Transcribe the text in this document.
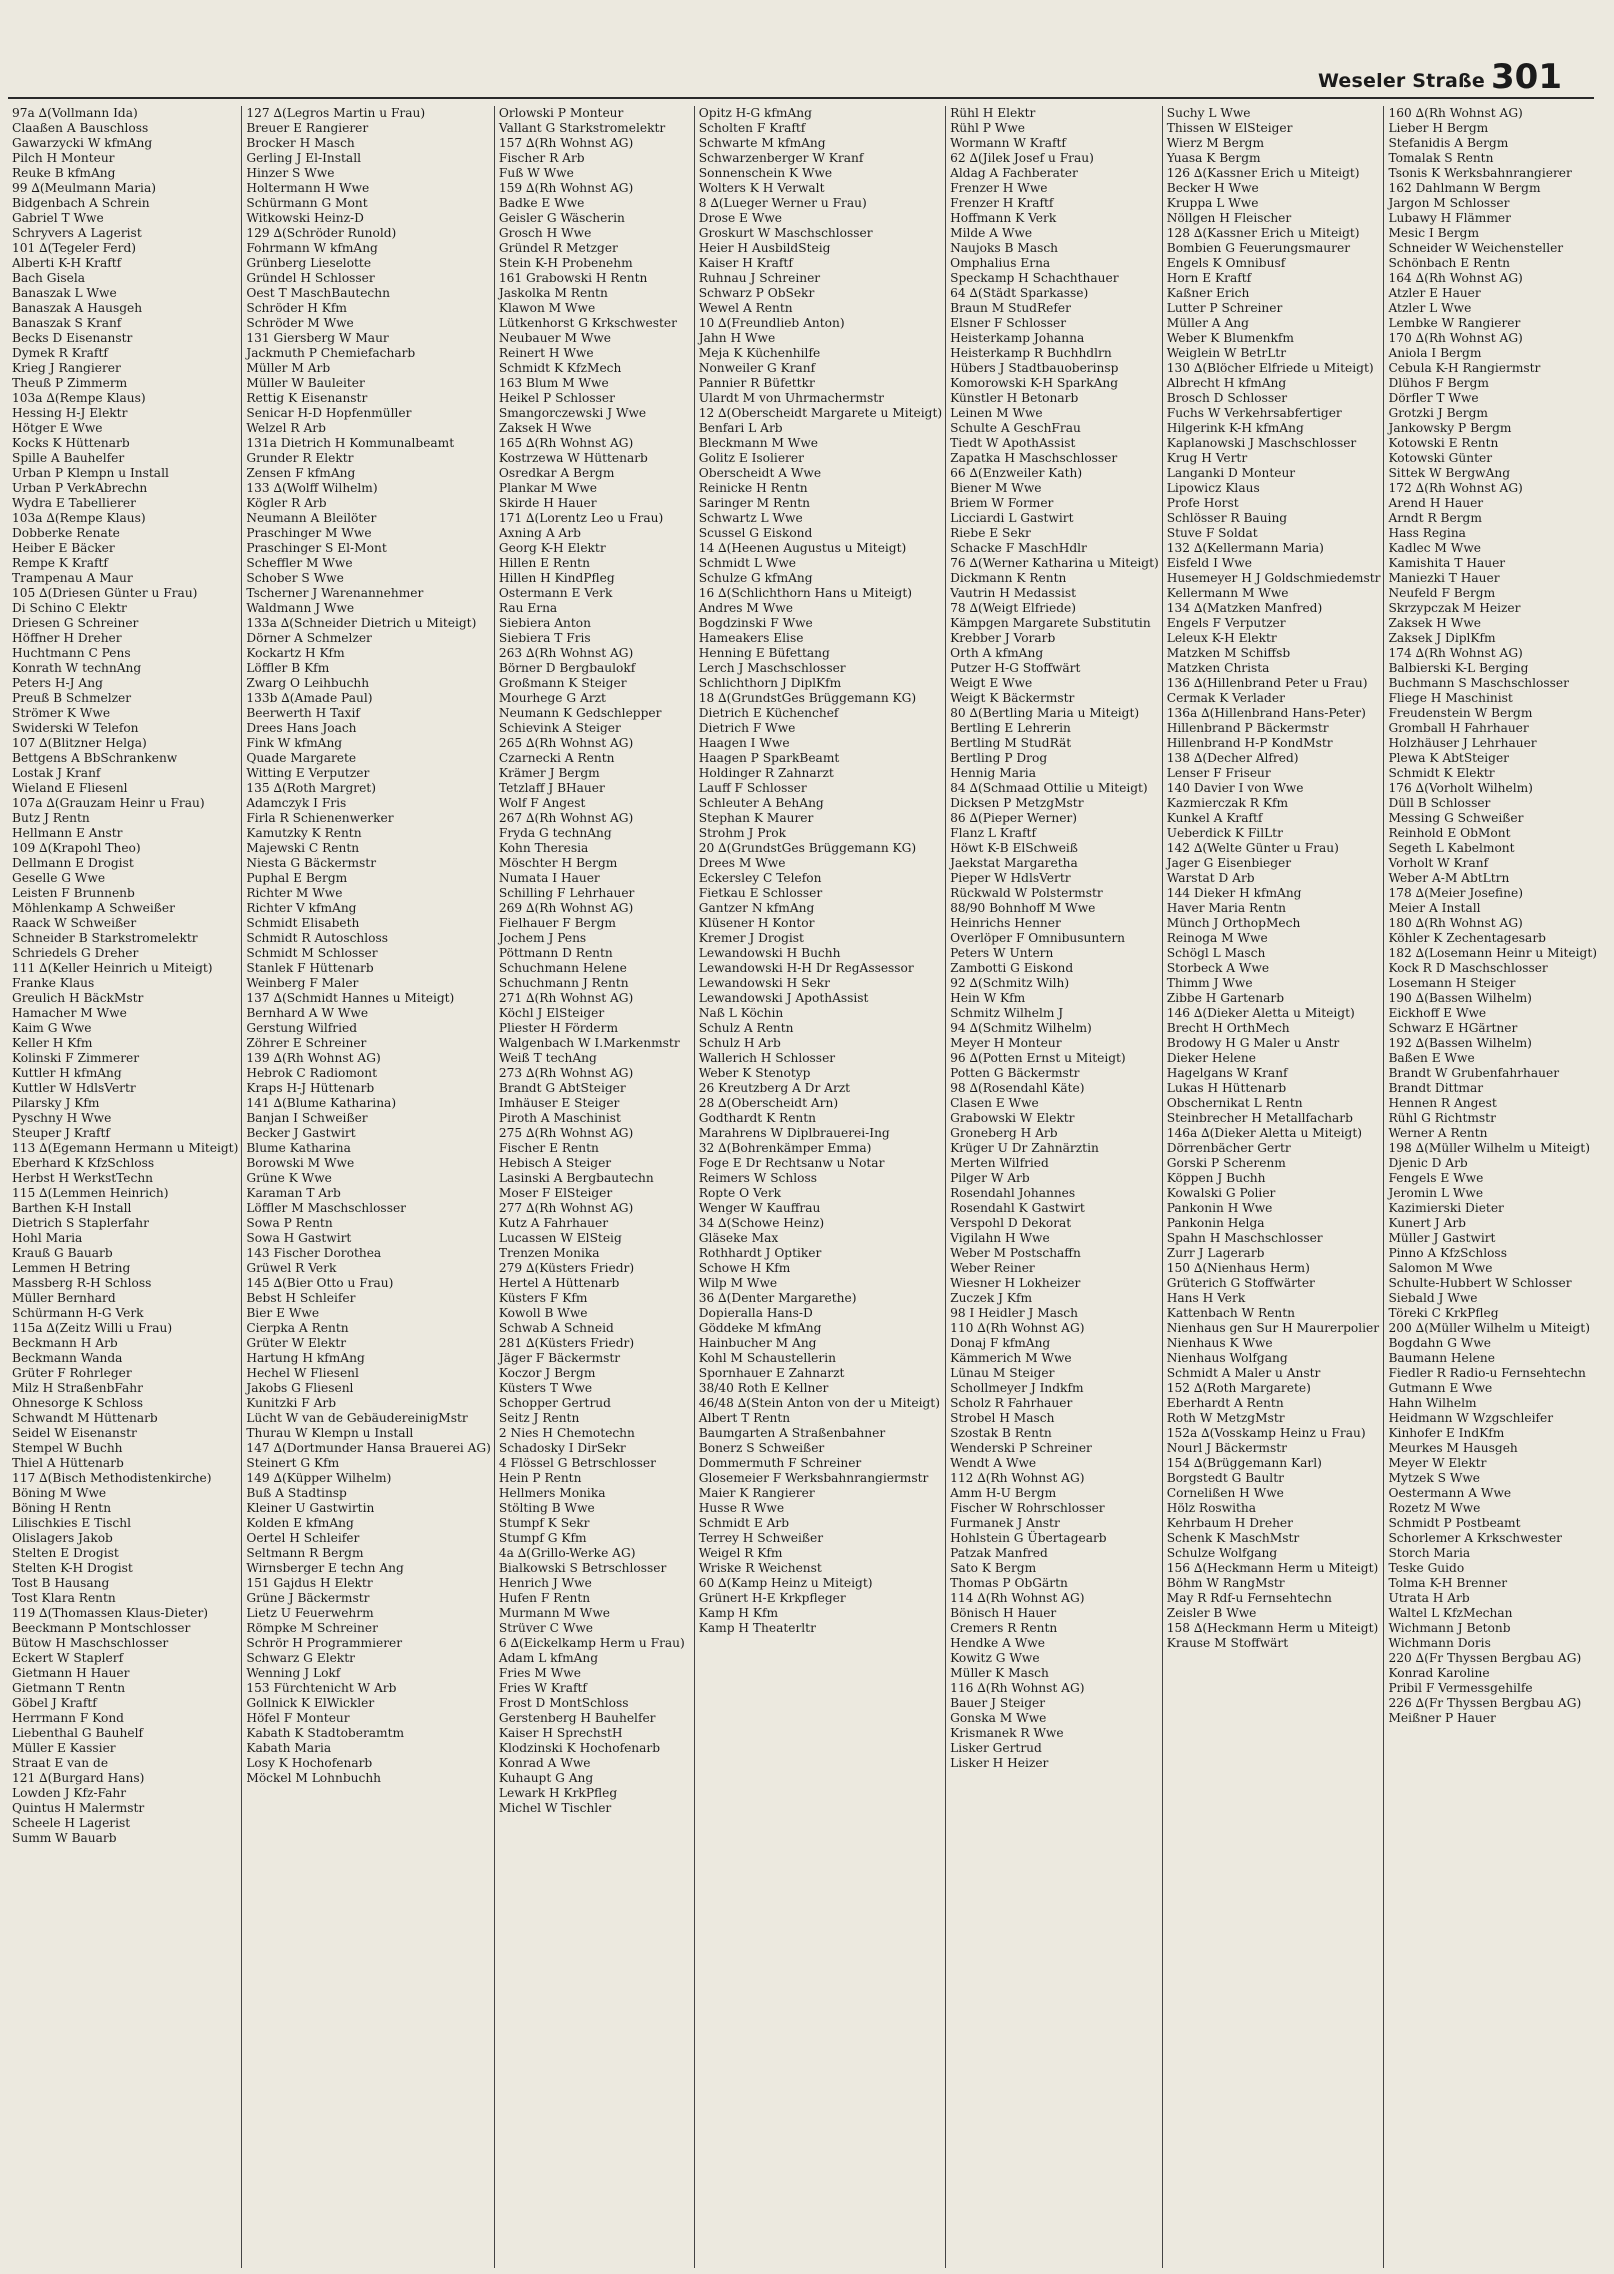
Weseler Straße 301
97a ∆(Vollmann Ida)
Claaßen A Bauschloss
Gawarzycki W kfmAng
Pilch H Monteur
Reuke B kfmAng
99 ∆(Meulmann Maria)
Bidgenbach A Schrein
Gabriel T Wwe
Schryvers A Lagerist
101 ∆(Tegeler Ferd)
Alberti K-H Kraftf
Bach Gisela
Banaszak L Wwe
Banaszak A Hausgeh
Banaszak S Kranf
Becks D Eisenanstr
Dymek R Kraftf
Krieg J Rangierer
Theuß P Zimmerm
103a ∆(Rempe Klaus)
Hessing H-J Elektr
Hötger E Wwe
Kocks K Hüttenarb
Spille A Bauhelfer
Urban P Klempn u Install
Urban P VerkAbrechn
Wydra E Tabellierer
103a ∆(Rempe Klaus)
Dobberke Renate
Heiber E Bäcker
Rempe K Kraftf
Trampenau A Maur
105 ∆(Driesen Günter u Frau)
Di Schino C Elektr
Driesen G Schreiner
Höffner H Dreher
Huchtmann C Pens
Konrath W technAng
Peters H-J Ang
Preuß B Schmelzer
Strömer K Wwe
Swiderski W Telefon
107 ∆(Blitzner Helga)
Bettgens A BbSchrankenw
Lostak J Kranf
Wieland E Fliesenl
107a ∆(Grauzam Heinr u Frau)
Butz J Rentn
Hellmann E Anstr
109 ∆(Krapohl Theo)
Dellmann E Drogist
Geselle G Wwe
Leisten F Brunnenb
Möhlenkamp A Schweißer
Raack W Schweißer
Schneider B Starkstromelektr
Schriedels G Dreher
111 ∆(Keller Heinrich u Miteigt)
Franke Klaus
Greulich H BäckMstr
Hamacher M Wwe
Kaim G Wwe
Keller H Kfm
Kolinski F Zimmerer
Kuttler H kfmAng
Kuttler W HdlsVertr
Pilarsky J Kfm
Pyschny H Wwe
Steuper J Kraftf
113 ∆(Egemann Hermann u Miteigt)
Eberhard K KfzSchloss
Herbst H WerkstTechn
115 ∆(Lemmen Heinrich)
Barthen K-H Install
Dietrich S Staplerfahr
Hohl Maria
Krauß G Bauarb
Lemmen H Betring
Massberg R-H Schloss
Müller Bernhard
Schürmann H-G Verk
115a ∆(Zeitz Willi u Frau)
Beckmann H Arb
Beckmann Wanda
Grüter F Rohrleger
Milz H StraßenbFahr
Ohnesorge K Schloss
Schwandt M Hüttenarb
Seidel W Eisenanstr
Stempel W Buchh
Thiel A Hüttenarb
117 ∆(Bisch Methodistenkirche)
Böning M Wwe
Böning H Rentn
Lilischkies E Tischl
Olislagers Jakob
Stelten E Drogist
Stelten K-H Drogist
Tost B Hausang
Tost Klara Rentn
119 ∆(Thomassen Klaus-Dieter)
Beeckmann P Montschlosser
Bütow H Maschschlosser
Eckert W Staplerf
Gietmann H Hauer
Gietmann T Rentn
Göbel J Kraftf
Herrmann F Kond
Liebenthal G Bauhelf
Müller E Kassier
Straat E van de
121 ∆(Burgard Hans)
Lowden J Kfz-Fahr
Quintus H Malermstr
Scheele H Lagerist
Summ W Bauarb
127 ∆(Legros Martin u Frau)
Breuer E Rangierer
Brocker H Masch
Gerling J El-Install
Hinzer S Wwe
Holtermann H Wwe
Schürmann G Mont
Witkowski Heinz-D
129 ∆(Schröder Runold)
Fohrmann W kfmAng
Grünberg Lieselotte
Gründel H Schlosser
Oest T MaschBautechn
Schröder H Kfm
Schröder M Wwe
131 Giersberg W Maur
Jackmuth P Chemiefacharb
Müller M Arb
Müller W Bauleiter
Rettig K Eisenanstr
Senicar H-D Hopfenmüller
Welzel R Arb
131a Dietrich H Kommunalbeamt
Grunder R Elektr
Zensen F kfmAng
133 ∆(Wolff Wilhelm)
Kögler R Arb
Neumann A Bleilöter
Praschinger M Wwe
Praschinger S El-Mont
Scheffler M Wwe
Schober S Wwe
Tscherner J Warenannehmer
Waldmann J Wwe
133a ∆(Schneider Dietrich u Miteigt)
Dörner A Schmelzer
Kockartz H Kfm
Löffler B Kfm
Zwarg O Leihbuchh
133b ∆(Amade Paul)
Beerwerth H Taxif
Drees Hans Joach
Fink W kfmAng
Quade Margarete
Witting E Verputzer
135 ∆(Roth Margret)
Adamczyk I Fris
Firla R Schienenwerker
Kamutzky K Rentn
Majewski C Rentn
Niesta G Bäckermstr
Puphal E Bergm
Richter M Wwe
Richter V kfmAng
Schmidt Elisabeth
Schmidt R Autoschloss
Schmidt M Schlosser
Stanlek F Hüttenarb
Weinberg F Maler
137 ∆(Schmidt Hannes u Miteigt)
Bernhard A W Wwe
Gerstung Wilfried
Zöhrer E Schreiner
139 ∆(Rh Wohnst AG)
Hebrok C Radiomont
Kraps H-J Hüttenarb
141 ∆(Blume Katharina)
Banjan I Schweißer
Becker J Gastwirt
Blume Katharina
Borowski M Wwe
Grüne K Wwe
Karaman T Arb
Löffler M Maschschlosser
Sowa P Rentn
Sowa H Gastwirt
143 Fischer Dorothea
Grüwel R Verk
145 ∆(Bier Otto u Frau)
Bebst H Schleifer
Bier E Wwe
Cierpka A Rentn
Grüter W Elektr
Hartung H kfmAng
Hechel W Fliesenl
Jakobs G Fliesenl
Kunitzki F Arb
Lücht W van de GebäudereinigMstr
Thurau W Klempn u Install
147 ∆(Dortmunder Hansa Brauerei AG)
Steinert G Kfm
149 ∆(Küpper Wilhelm)
Buß A Stadtinsp
Kleiner U Gastwirtin
Kolden E kfmAng
Oertel H Schleifer
Seltmann R Bergm
Wirnsberger E techn Ang
151 Gajdus H Elektr
Grüne J Bäckermstr
Lietz U Feuerwehrm
Römpke M Schreiner
Schrör H Programmierer
Schwarz G Elektr
Wenning J Lokf
153 Fürchtenicht W Arb
Gollnick K ElWickler
Höfel F Monteur
Kabath K Stadtoberamtm
Kabath Maria
Losy K Hochofenarb
Möckel M Lohnbuchh
Orlowski P Monteur
Vallant G Starkstromelektr
157 ∆(Rh Wohnst AG)
Fischer R Arb
Fuß W Wwe
159 ∆(Rh Wohnst AG)
Badke E Wwe
Geisler G Wäscherin
Grosch H Wwe
Gründel R Metzger
Stein K-H Probenehm
161 Grabowski H Rentn
Jaskolka M Rentn
Klawon M Wwe
Lütkenhorst G Krkschwester
Neubauer M Wwe
Reinert H Wwe
Schmidt K KfzMech
163 Blum M Wwe
Heikel P Schlosser
Smangorczewski J Wwe
Zaksek H Wwe
165 ∆(Rh Wohnst AG)
Kostrzewa W Hüttenarb
Osredkar A Bergm
Plankar M Wwe
Skirde H Hauer
171 ∆(Lorentz Leo u Frau)
Axning A Arb
Georg K-H Elektr
Hillen E Rentn
Hillen H KindPfleg
Ostermann E Verk
Rau Erna
Siebiera Anton
Siebiera T Fris
263 ∆(Rh Wohnst AG)
Börner D Bergbaulokf
Großmann K Steiger
Mourhege G Arzt
Neumann K Gedschlepper
Schievink A Steiger
265 ∆(Rh Wohnst AG)
Czarnecki A Rentn
Krämer J Bergm
Tetzlaff J BHauer
Wolf F Angest
267 ∆(Rh Wohnst AG)
Fryda G technAng
Kohn Theresia
Möschter H Bergm
Numata I Hauer
Schilling F Lehrhauer
269 ∆(Rh Wohnst AG)
Fielhauer F Bergm
Jochem J Pens
Pöttmann D Rentn
Schuchmann Helene
Schuchmann J Rentn
271 ∆(Rh Wohnst AG)
Köchl J ElSteiger
Pliester H Förderm
Walgenbach W I.Markenmstr
Weiß T techAng
273 ∆(Rh Wohnst AG)
Brandt G AbtSteiger
Imhäuser E Steiger
Piroth A Maschinist
275 ∆(Rh Wohnst AG)
Fischer E Rentn
Hebisch A Steiger
Lasinski A Bergbautechn
Moser F ElSteiger
277 ∆(Rh Wohnst AG)
Kutz A Fahrhauer
Lucassen W ElSteig
Trenzen Monika
279 ∆(Küsters Friedr)
Hertel A Hüttenarb
Küsters F Kfm
Kowoll B Wwe
Schwab A Schneid
281 ∆(Küsters Friedr)
Jäger F Bäckermstr
Koczor J Bergm
Küsters T Wwe
Schopper Gertrud
Seitz J Rentn
2 Nies H Chemotechn
Schadosky I DirSekr
4 Flössel G Betrschlosser
Hein P Rentn
Hellmers Monika
Stölting B Wwe
Stumpf K Sekr
Stumpf G Kfm
4a ∆(Grillo-Werke AG)
Bialkowski S Betrschlosser
Henrich J Wwe
Hufen F Rentn
Murmann M Wwe
Strüver C Wwe
6 ∆(Eickelkamp Herm u Frau)
Adam L kfmAng
Fries M Wwe
Fries W Kraftf
Frost D MontSchloss
Gerstenberg H Bauhelfer
Kaiser H SprechstH
Klodzinski K Hochofenarb
Konrad A Wwe
Kuhaupt G Ang
Lewark H KrkPfleg
Michel W Tischler
Opitz H-G kfmAng
Scholten F Kraftf
Schwarte M kfmAng
Schwarzenberger W Kranf
Sonnenschein K Wwe
Wolters K H Verwalt
8 ∆(Lueger Werner u Frau)
Drose E Wwe
Groskurt W Maschschlosser
Heier H AusbildSteig
Kaiser H Kraftf
Ruhnau J Schreiner
Schwarz P ObSekr
Wewel A Rentn
10 ∆(Freundlieb Anton)
Jahn H Wwe
Meja K Küchenhilfe
Nonweiler G Kranf
Pannier R Büfettkr
Ulardt M von Uhrmachermstr
12 ∆(Oberscheidt Margarete u Miteigt)
Benfari L Arb
Bleckmann M Wwe
Golitz E Isolierer
Oberscheidt A Wwe
Reinicke H Rentn
Saringer M Rentn
Schwartz L Wwe
Scussel G Eiskond
14 ∆(Heenen Augustus u Miteigt)
Schmidt L Wwe
Schulze G kfmAng
16 ∆(Schlichthorn Hans u Miteigt)
Andres M Wwe
Bogdzinski F Wwe
Hameakers Elise
Henning E Büfettang
Lerch J Maschschlosser
Schlichthorn J DiplKfm
18 ∆(GrundstGes Brüggemann KG)
Dietrich E Küchenchef
Dietrich F Wwe
Haagen I Wwe
Haagen P SparkBeamt
Holdinger R Zahnarzt
Lauff F Schlosser
Schleuter A BehAng
Stephan K Maurer
Strohm J Prok
20 ∆(GrundstGes Brüggemann KG)
Drees M Wwe
Eckersley C Telefon
Fietkau E Schlosser
Gantzer N kfmAng
Klüsener H Kontor
Kremer J Drogist
Lewandowski H Buchh
Lewandowski H-H Dr RegAssessor
Lewandowski H Sekr
Lewandowski J ApothAssist
Naß L Köchin
Schulz A Rentn
Schulz H Arb
Wallerich H Schlosser
Weber K Stenotyp
26 Kreutzberg A Dr Arzt
28 ∆(Oberscheidt Arn)
Godthardt K Rentn
Marahrens W Diplbrauerei-Ing
32 ∆(Bohrenkämper Emma)
Foge E Dr Rechtsanw u Notar
Reimers W Schloss
Ropte O Verk
Wenger W Kauffrau
34 ∆(Schowe Heinz)
Gläseke Max
Rothhardt J Optiker
Schowe H Kfm
Wilp M Wwe
36 ∆(Denter Margarethe)
Dopieralla Hans-D
Göddeke M kfmAng
Hainbucher M Ang
Kohl M Schaustellerin
Spornhauer E Zahnarzt
38/40 Roth E Kellner
46/48 ∆(Stein Anton von der u Miteigt)
Albert T Rentn
Baumgarten A Straßenbahner
Bonerz S Schweißer
Dommermuth F Schreiner
Glosemeier F Werksbahnrangiermstr
Maier K Rangierer
Husse R Wwe
Schmidt E Arb
Terrey H Schweißer
Weigel R Kfm
Wriske R Weichenst
60 ∆(Kamp Heinz u Miteigt)
Grünert H-E Krkpfleger
Kamp H Kfm
Kamp H Theaterltr
Rühl H Elektr
Rühl P Wwe
Wormann W Kraftf
62 ∆(Jilek Josef u Frau)
Aldag A Fachberater
Frenzer H Wwe
Frenzer H Kraftf
Hoffmann K Verk
Milde A Wwe
Naujoks B Masch
Omphalius Erna
Speckamp H Schachthauer
64 ∆(Städt Sparkasse)
Braun M StudRefer
Elsner F Schlosser
Heisterkamp Johanna
Heisterkamp R Buchhdlrn
Hübers J Stadtbauoberinsp
Komorowski K-H SparkAng
Künstler H Betonarb
Leinen M Wwe
Schulte A GeschFrau
Tiedt W ApothAssist
Zapatka H Maschschlosser
66 ∆(Enzweiler Kath)
Biener M Wwe
Briem W Former
Licciardi L Gastwirt
Riebe E Sekr
Schacke F MaschHdlr
76 ∆(Werner Katharina u Miteigt)
Dickmann K Rentn
Vautrin H Medassist
78 ∆(Weigt Elfriede)
Kämpgen Margarete Substitutin
Krebber J Vorarb
Orth A kfmAng
Putzer H-G Stoffwärt
Weigt E Wwe
Weigt K Bäckermstr
80 ∆(Bertling Maria u Miteigt)
Bertling E Lehrerin
Bertling M StudRät
Bertling P Drog
Hennig Maria
84 ∆(Schmaad Ottilie u Miteigt)
Dicksen P MetzgMstr
86 ∆(Pieper Werner)
Flanz L Kraftf
Höwt K-B ElSchweiß
Jaekstat Margaretha
Pieper W HdlsVertr
Rückwald W Polstermstr
88/90 Bohnhoff M Wwe
Heinrichs Henner
Overlöper F Omnibusuntern
Peters W Untern
Zambotti G Eiskond
92 ∆(Schmitz Wilh)
Hein W Kfm
Schmitz Wilhelm J
94 ∆(Schmitz Wilhelm)
Meyer H Monteur
96 ∆(Potten Ernst u Miteigt)
Potten G Bäckermstr
98 ∆(Rosendahl Käte)
Clasen E Wwe
Grabowski W Elektr
Groneberg H Arb
Krüger U Dr Zahnärztin
Merten Wilfried
Pilger W Arb
Rosendahl Johannes
Rosendahl K Gastwirt
Verspohl D Dekorat
Vigilahn H Wwe
Weber M Postschaffn
Weber Reiner
Wiesner H Lokheizer
Zuczek J Kfm
98 I Heidler J Masch
110 ∆(Rh Wohnst AG)
Donaj F kfmAng
Kämmerich M Wwe
Lünau M Steiger
Schollmeyer J Indkfm
Scholz R Fahrhauer
Strobel H Masch
Szostak B Rentn
Wenderski P Schreiner
Wendt A Wwe
112 ∆(Rh Wohnst AG)
Amm H-U Bergm
Fischer W Rohrschlosser
Furmanek J Anstr
Hohlstein G Übertagearb
Patzak Manfred
Sato K Bergm
Thomas P ObGärtn
114 ∆(Rh Wohnst AG)
Bönisch H Hauer
Cremers R Rentn
Hendke A Wwe
Kowitz G Wwe
Müller K Masch
116 ∆(Rh Wohnst AG)
Bauer J Steiger
Gonska M Wwe
Krismanek R Wwe
Lisker Gertrud
Lisker H Heizer
Suchy L Wwe
Thissen W ElSteiger
Wierz M Bergm
Yuasa K Bergm
126 ∆(Kassner Erich u Miteigt)
Becker H Wwe
Kruppa L Wwe
Nöllgen H Fleischer
128 ∆(Kassner Erich u Miteigt)
Bombien G Feuerungsmaurer
Engels K Omnibusf
Horn E Kraftf
Kaßner Erich
Lutter P Schreiner
Müller A Ang
Weber K Blumenkfm
Weiglein W BetrLtr
130 ∆(Blöcher Elfriede u Miteigt)
Albrecht H kfmAng
Brosch D Schlosser
Fuchs W Verkehrsabfertiger
Hilgerink K-H kfmAng
Kaplanowski J Maschschlosser
Krug H Vertr
Langanki D Monteur
Lipowicz Klaus
Profe Horst
Schlösser R Bauing
Stuve F Soldat
132 ∆(Kellermann Maria)
Eisfeld I Wwe
Husemeyer H J Goldschmiedemstr
Kellermann M Wwe
134 ∆(Matzken Manfred)
Engels F Verputzer
Leleux K-H Elektr
Matzken M Schiffsb
Matzken Christa
136 ∆(Hillenbrand Peter u Frau)
Cermak K Verlader
136a ∆(Hillenbrand Hans-Peter)
Hillenbrand P Bäckermstr
Hillenbrand H-P KondMstr
138 ∆(Decher Alfred)
Lenser F Friseur
140 Davier I von Wwe
Kazmierczak R Kfm
Kunkel A Kraftf
Ueberdick K FilLtr
142 ∆(Welte Günter u Frau)
Jager G Eisenbieger
Warstat D Arb
144 Dieker H kfmAng
Haver Maria Rentn
Münch J OrthopMech
Reinoga M Wwe
Schögl L Masch
Storbeck A Wwe
Thimm J Wwe
Zibbe H Gartenarb
146 ∆(Dieker Aletta u Miteigt)
Brecht H OrthMech
Brodowy H G Maler u Anstr
Dieker Helene
Hagelgans W Kranf
Lukas H Hüttenarb
Obschernikat L Rentn
Steinbrecher H Metallfacharb
146a ∆(Dieker Aletta u Miteigt)
Dörrenbächer Gertr
Gorski P Scherenm
Köppen J Buchh
Kowalski G Polier
Pankonin H Wwe
Pankonin Helga
Spahn H Maschschlosser
Zurr J Lagerarb
150 ∆(Nienhaus Herm)
Grüterich G Stoffwärter
Hans H Verk
Kattenbach W Rentn
Nienhaus gen Sur H Maurerpolier
Nienhaus K Wwe
Nienhaus Wolfgang
Schmidt A Maler u Anstr
152 ∆(Roth Margarete)
Eberhardt A Rentn
Roth W MetzgMstr
152a ∆(Vosskamp Heinz u Frau)
Nourl J Bäckermstr
154 ∆(Brüggemann Karl)
Borgstedt G Baultr
Cornelißen H Wwe
Hölz Roswitha
Kehrbaum H Dreher
Schenk K MaschMstr
Schulze Wolfgang
156 ∆(Heckmann Herm u Miteigt)
Böhm W RangMstr
May R Rdf-u Fernsehtechn
Zeisler B Wwe
158 ∆(Heckmann Herm u Miteigt)
Krause M Stoffwärt
160 ∆(Rh Wohnst AG)
Lieber H Bergm
Stefanidis A Bergm
Tomalak S Rentn
Tsonis K Werksbahnrangierer
162 Dahlmann W Bergm
Jargon M Schlosser
Lubawy H Flämmer
Mesic I Bergm
Schneider W Weichensteller
Schönbach E Rentn
164 ∆(Rh Wohnst AG)
Atzler E Hauer
Atzler L Wwe
Lembke W Rangierer
170 ∆(Rh Wohnst AG)
Aniola I Bergm
Cebula K-H Rangiermstr
Dlühos F Bergm
Dörfler T Wwe
Grotzki J Bergm
Jankowsky P Bergm
Kotowski E Rentn
Kotowski Günter
Sittek W BergwAng
172 ∆(Rh Wohnst AG)
Arend H Hauer
Arndt R Bergm
Hass Regina
Kadlec M Wwe
Kamishita T Hauer
Maniezki T Hauer
Neufeld F Bergm
Skrzypczak M Heizer
Zaksek H Wwe
Zaksek J DiplKfm
174 ∆(Rh Wohnst AG)
Balbierski K-L Berging
Buchmann S Maschschlosser
Fliege H Maschinist
Freudenstein W Bergm
Gromball H Fahrhauer
Holzhäuser J Lehrhauer
Plewa K AbtSteiger
Schmidt K Elektr
176 ∆(Vorholt Wilhelm)
Düll B Schlosser
Messing G Schweißer
Reinhold E ObMont
Segeth L Kabelmont
Vorholt W Kranf
Weber A-M AbtLtrn
178 ∆(Meier Josefine)
Meier A Install
180 ∆(Rh Wohnst AG)
Köhler K Zechentagesarb
182 ∆(Losemann Heinr u Miteigt)
Kock R D Maschschlosser
Losemann H Steiger
190 ∆(Bassen Wilhelm)
Eickhoff E Wwe
Schwarz E HGärtner
192 ∆(Bassen Wilhelm)
Baßen E Wwe
Brandt W Grubenfahrhauer
Brandt Dittmar
Hennen R Angest
Rühl G Richtmstr
Werner A Rentn
198 ∆(Müller Wilhelm u Miteigt)
Djenic D Arb
Fengels E Wwe
Jeromin L Wwe
Kazimierski Dieter
Kunert J Arb
Müller J Gastwirt
Pinno A KfzSchloss
Salomon M Wwe
Schulte-Hubbert W Schlosser
Siebald J Wwe
Töreki C KrkPfleg
200 ∆(Müller Wilhelm u Miteigt)
Bogdahn G Wwe
Baumann Helene
Fiedler R Radio-u Fernsehtechn
Gutmann E Wwe
Hahn Wilhelm
Heidmann W Wzgschleifer
Kinhofer E IndKfm
Meurkes M Hausgeh
Meyer W Elektr
Mytzek S Wwe
Oestermann A Wwe
Rozetz M Wwe
Schmidt P Postbeamt
Schorlemer A Krkschwester
Storch Maria
Teske Guido
Tolma K-H Brenner
Utrata H Arb
Waltel L KfzMechan
Wichmann J Betonb
Wichmann Doris
220 ∆(Fr Thyssen Bergbau AG)
Konrad Karoline
Pribil F Vermessgehilfe
226 ∆(Fr Thyssen Bergbau AG)
Meißner P Hauer
